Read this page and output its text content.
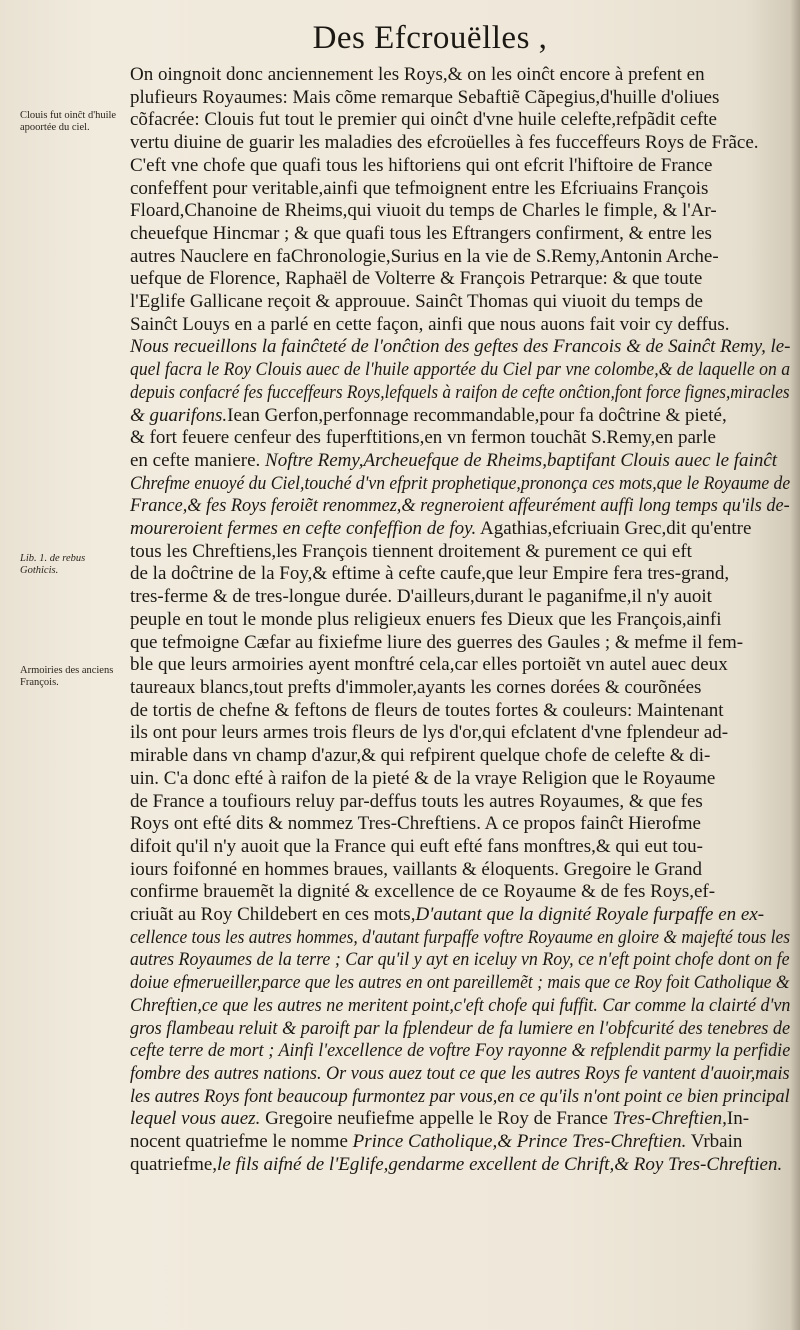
Des Efcrouëlles ,
Clouis fut oinĉt d'huile apoortée du ciel.
Lib. 1. de rebus Gothicis.
Armoiries des anciens François.
On oingnoit donc anciennement les Roys,& on les oinĉt encore à prefent en
plufieurs Royaumes: Mais cõme remarque Sebaftiẽ Cãpegius,d'huille d'oliues
cõfacrée: Clouis fut tout le premier qui oinĉt d'vne huile celefte,refpãdit cefte
vertu diuine de guarir les maladies des efcroüelles à fes fucceffeurs Roys de Frãce.
C'eft vne chofe que quafi tous les hiftoriens qui ont efcrit l'hiftoire de France
confeffent pour veritable,ainfi que tefmoignent entre les Efcriuains François
Floard,Chanoine de Rheims,qui viuoit du temps de Charles le fimple, & l'Ar-
cheuefque Hincmar ; & que quafi tous les Eftrangers confirment, & entre les
autres Nauclere en faChronologie,Surius en la vie de S.Remy,Antonin Arche-
uefque de Florence, Raphaël de Volterre & François Petrarque: & que toute
l'Eglife Gallicane reçoit & approuue. Sainĉt Thomas qui viuoit du temps de
Sainĉt Louys en a parlé en cette façon, ainfi que nous auons fait voir cy deffus.
Nous recueillons la fainĉteté de l'onĉtion des geftes des Francois & de Sainĉt Remy, le-
quel facra le Roy Clouis auec de l'huile apportée du Ciel par vne colombe,& de laquelle on a
depuis confacré fes fucceffeurs Roys,lefquels à raifon de cefte onĉtion,font force fignes,miracles
& guarifons.Iean Gerfon,perfonnage recommandable,pour fa doĉtrine & pieté,
& fort feuere cenfeur des fuperftitions,en vn fermon touchãt S.Remy,en parle
en cefte maniere. Noftre Remy,Archeuefque de Rheims,baptifant Clouis auec le fainĉt
Chrefme enuoyé du Ciel,touché d'vn efprit prophetique,prononça ces mots,que le Royaume de
France,& fes Roys feroiẽt renommez,& regneroient affeurément auffi long temps qu'ils de-
moureroient fermes en cefte confeffion de foy. Agathias,efcriuain Grec,dit qu'entre
tous les Chreftiens,les François tiennent droitement & purement ce qui eft
de la doĉtrine de la Foy,& eftime à cefte caufe,que leur Empire fera tres-grand,
tres-ferme & de tres-longue durée. D'ailleurs,durant le paganifme,il n'y auoit
peuple en tout le monde plus religieux enuers fes Dieux que les François,ainfi
que tefmoigne Cæfar au fixiefme liure des guerres des Gaules ; & mefme il fem-
ble que leurs armoiries ayent monftré cela,car elles portoiẽt vn autel auec deux
taureaux blancs,tout prefts d'immoler,ayants les cornes dorées & courõnées
de tortis de chefne & feftons de fleurs de toutes fortes & couleurs: Maintenant
ils ont pour leurs armes trois fleurs de lys d'or,qui efclatent d'vne fplendeur ad-
mirable dans vn champ d'azur,& qui refpirent quelque chofe de celefte & di-
uin. C'a donc efté à raifon de la pieté & de la vraye Religion que le Royaume
de France a toufiours reluy par-deffus touts les autres Royaumes, & que fes
Roys ont efté dits & nommez Tres-Chreftiens. A ce propos fainĉt Hierofme
difoit qu'il n'y auoit que la France qui euft efté fans monftres,& qui eut tou-
iours foifonné en hommes braues, vaillants & éloquents. Gregoire le Grand
confirme brauemẽt la dignité & excellence de ce Royaume & de fes Roys,ef-
criuãt au Roy Childebert en ces mots,D'autant que la dignité Royale furpaffe en ex-
cellence tous les autres hommes, d'autant furpaffe voftre Royaume en gloire & majefté tous les
autres Royaumes de la terre ; Car qu'il y ayt en iceluy vn Roy, ce n'eft point chofe dont on fe
doiue efmerueiller,parce que les autres en ont pareillemẽt ; mais que ce Roy foit Catholique &
Chreftien,ce que les autres ne meritent point,c'eft chofe qui fuffit. Car comme la clairté d'vn
gros flambeau reluit & paroift par la fplendeur de fa lumiere en l'obfcurité des tenebres de
cefte terre de mort ; Ainfi l'excellence de voftre Foy rayonne & refplendit parmy la perfidie
fombre des autres nations. Or vous auez tout ce que les autres Roys fe vantent d'auoir,mais
les autres Roys font beaucoup furmontez par vous,en ce qu'ils n'ont point ce bien principal
lequel vous auez. Gregoire neufiefme appelle le Roy de France Tres-Chreftien,In-
nocent quatriefme le nomme Prince Catholique,& Prince Tres-Chreftien. Vrbain
quatriefme,le fils aifné de l'Eglife,gendarme excellent de Chrift,& Roy Tres-Chreftien.
